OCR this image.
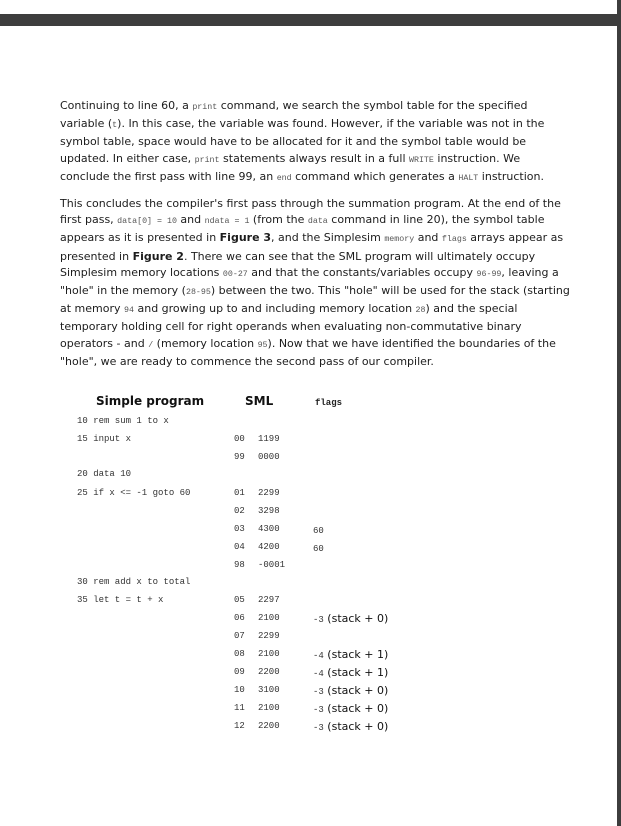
Continuing to line 60, a print command, we search the symbol table for the specified variable (t). In this case, the variable was found. However, if the variable was not in the symbol table, space would have to be allocated for it and the symbol table would be updated. In either case, print statements always result in a full WRITE instruction. We conclude the first pass with line 99, an end command which generates a HALT instruction.

This concludes the compiler's first pass through the summation program. At the end of the first pass, data[0] = 10 and ndata = 1 (from the data command in line 20), the symbol table appears as it is presented in Figure 3, and the Simplesim memory and flags arrays appear as presented in Figure 2. There we can see that the SML program will ultimately occupy Simplesim memory locations 00-27 and that the constants/variables occupy 96-99, leaving a "hole" in the memory (28-95) between the two. This "hole" will be used for the stack (starting at memory 94 and growing up to and including memory location 28) and the special temporary holding cell for right operands when evaluating non-commutative binary operators - and / (memory location 95). Now that we have identified the boundaries of the "hole", we are ready to commence the second pass of our compiler.

Simple program	SML	flags
10 rem sum 1 to x
15 input x
20 data 10
25 if x <= -1 goto 60
30 rem add x to total
35 let t = t + x
00 1199
99 0000
01 2299
02 3298
03 4300
04 4200
98 -0001
05 2297
06 2100
07 2299
08 2100
09 2200
10 3100
11 2100
12 2200
60
60
-3 (stack + 0)
-4 (stack + 1)
-4 (stack + 1)
-3 (stack + 0)
-3 (stack + 0)
-3 (stack + 0)
